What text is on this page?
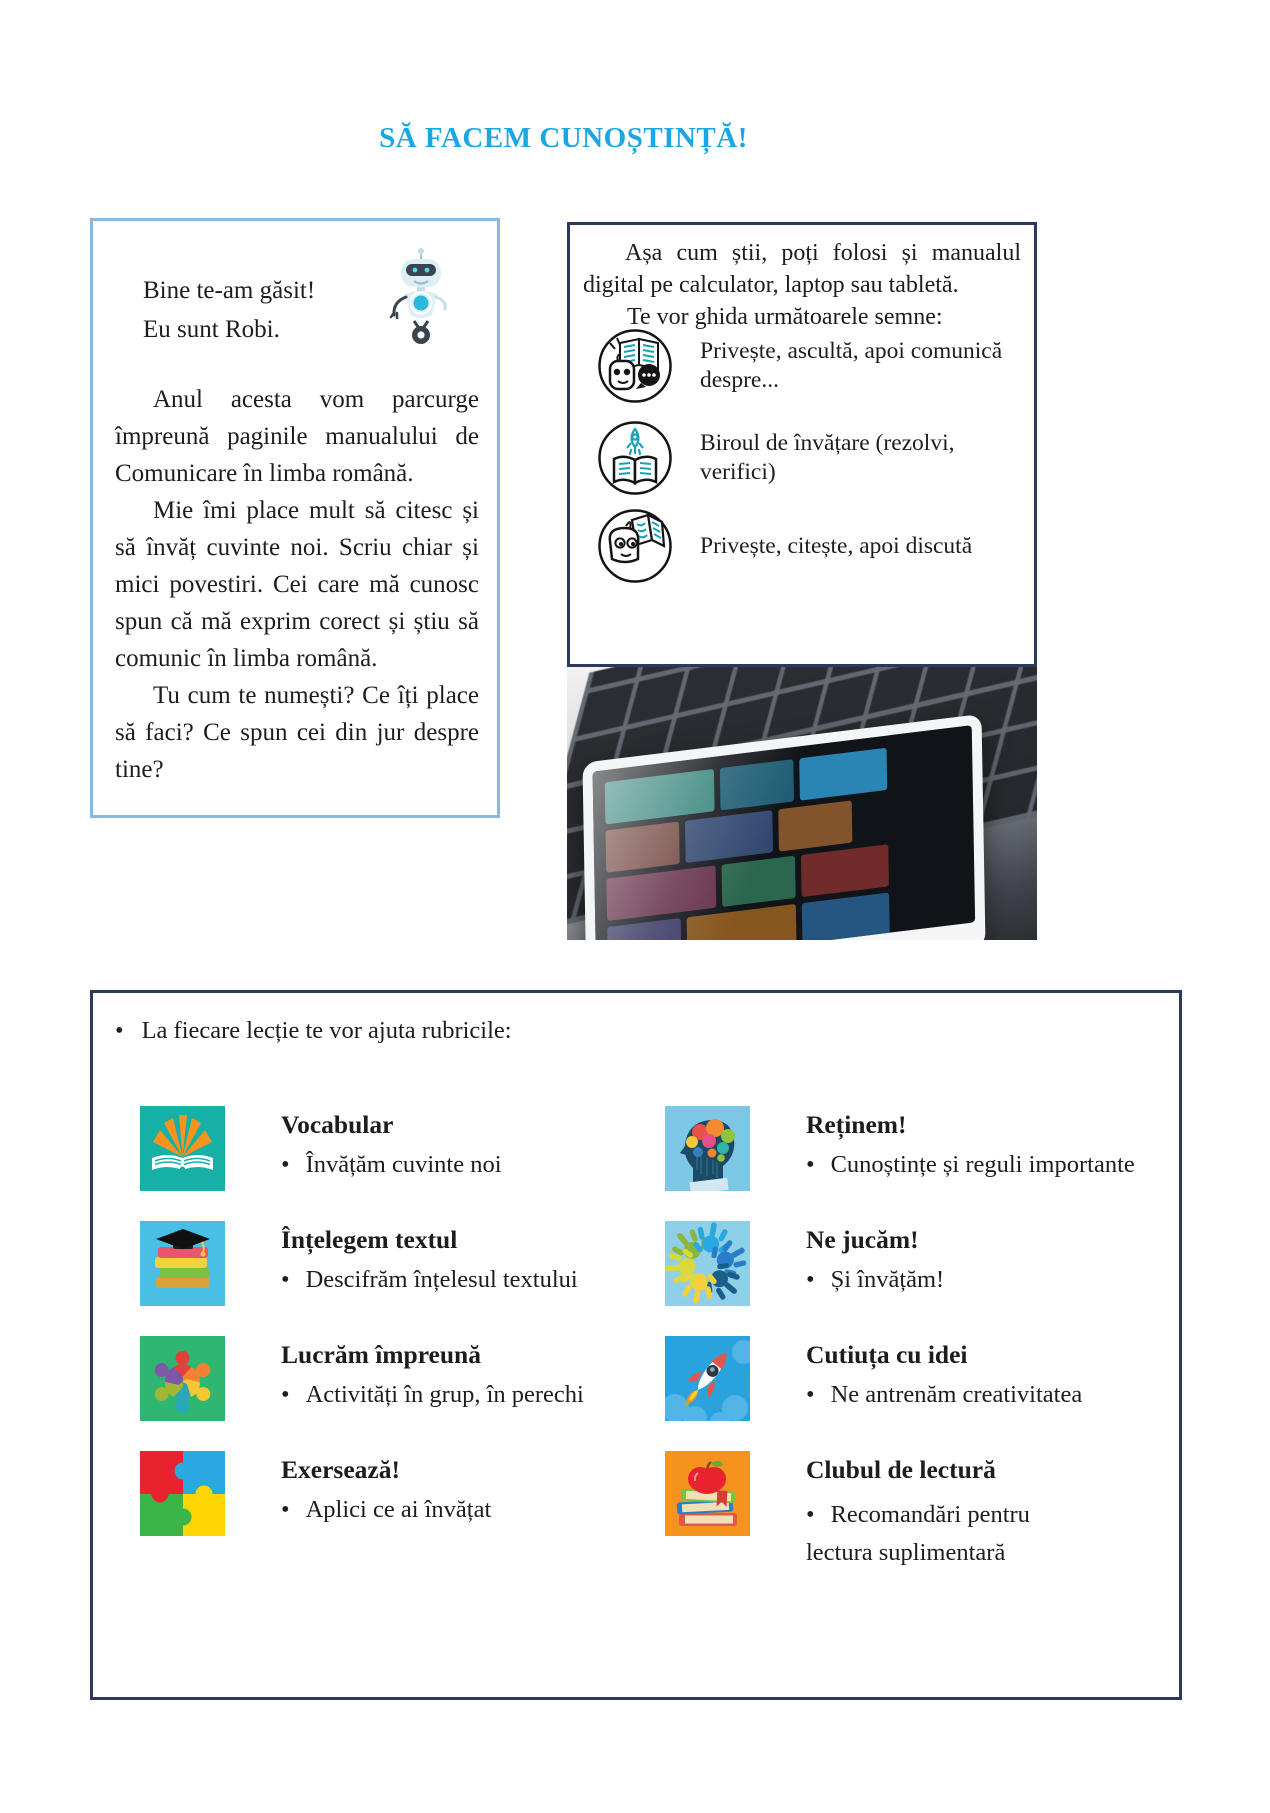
SĂ FACEM CUNOȘTINȚĂ!
Bine te-am găsit!
Eu sunt Robi.

Anul acesta vom parcurge împreună paginile manualului de Comunicare în limba română.

Mie îmi place mult să citesc și să învăț cuvinte noi. Scriu chiar și mici povestiri. Cei care mă cunosc spun că mă exprim corect și știu să comunic în limba română.

Tu cum te numești? Ce îți place să faci? Ce spun cei din jur despre tine?

Așa cum știi, poți folosi și manualul digital pe calculator, laptop sau tabletă.

Te vor ghida următoarele semne:

Privește, ascultă, apoi comunică despre...
Biroul de învățare (rezolvi, verifici)
Privește, citește, apoi discută
• La fiecare lecție te vor ajuta rubricile:
Vocabular
• Învățăm cuvinte noi
Înțelegem textul
• Descifrăm înțelesul textului
Lucrăm împreună
• Activități în grup, în perechi
Exersează!
• Aplici ce ai învățat
Reținem!
• Cunoștințe și reguli importante
Ne jucăm!
• Și învățăm!
Cutiuța cu idei
• Ne antrenăm creativitatea
Clubul de lectură
• Recomandări pentru lectura suplimentară
